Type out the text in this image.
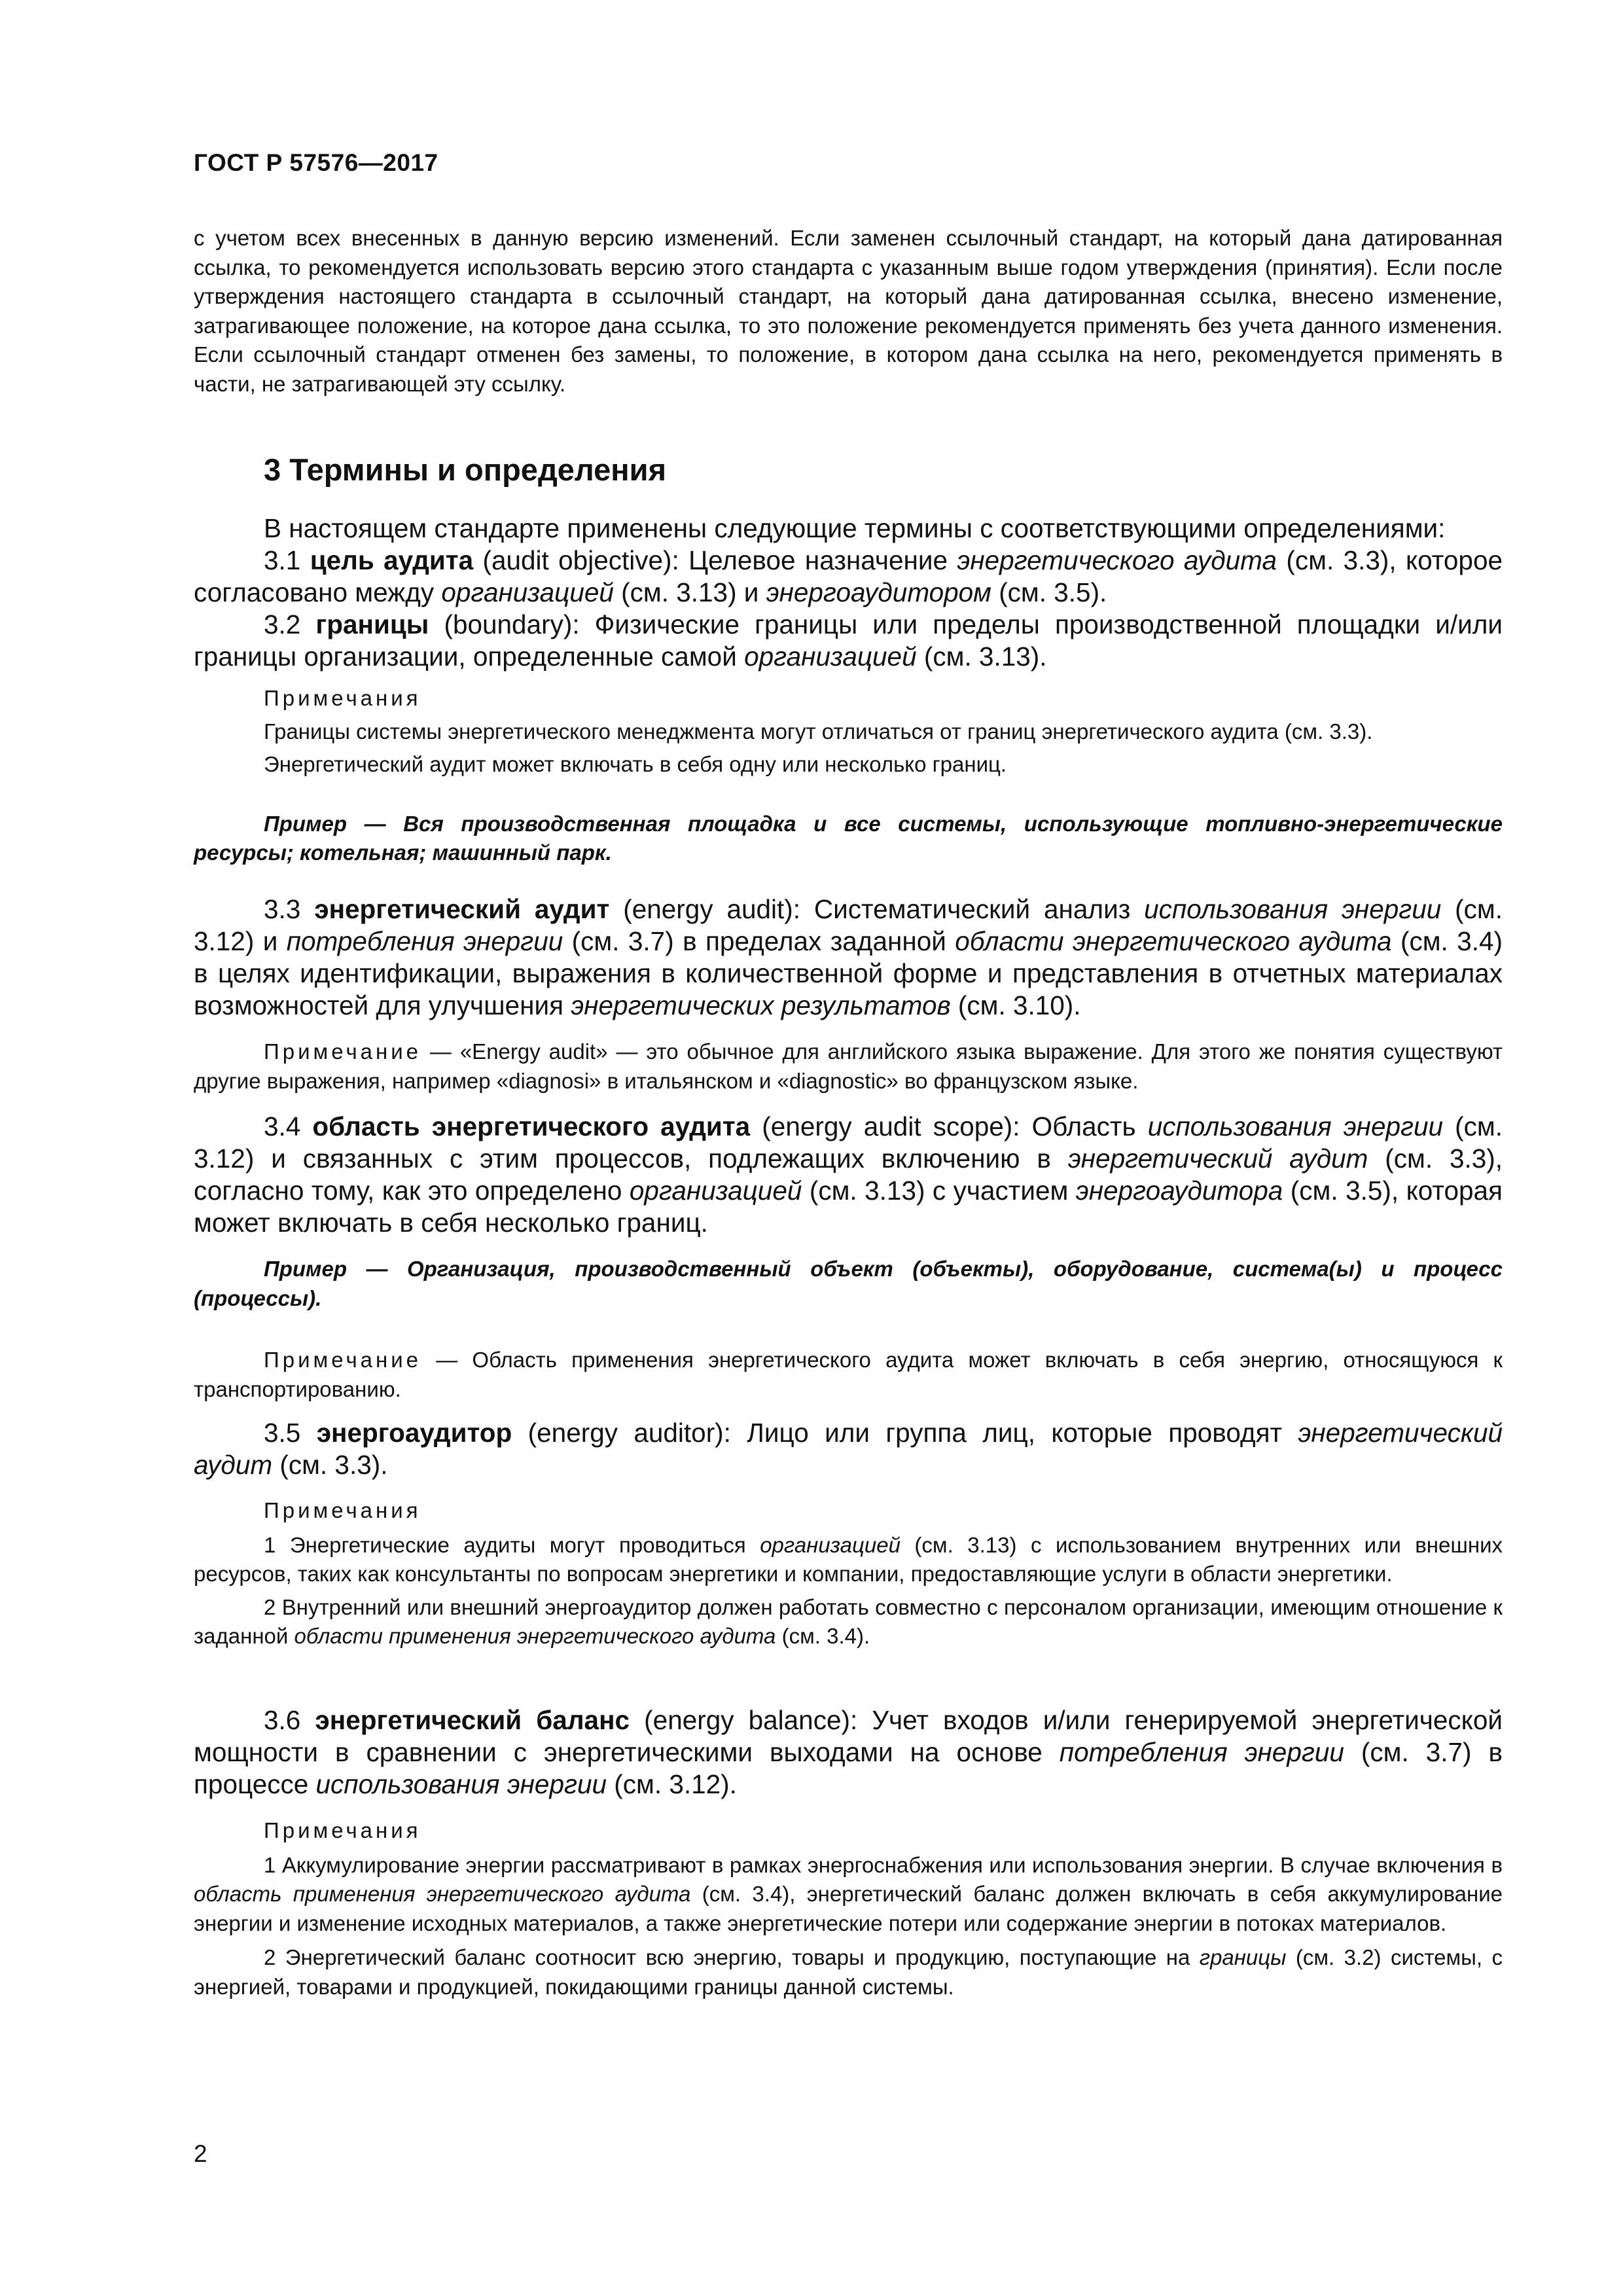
ГОСТ Р 57576—2017

с учетом всех внесенных в данную версию изменений. Если заменен ссылочный стандарт, на который дана датированная ссылка, то рекомендуется использовать версию этого стандарта с указанным выше годом утверждения (принятия). Если после утверждения настоящего стандарта в ссылочный стандарт, на который дана датированная ссылка, внесено изменение, затрагивающее положение, на которое дана ссылка, то это положение рекомендуется применять без учета данного изменения. Если ссылочный стандарт отменен без замены, то положение, в котором дана ссылка на него, рекомендуется применять в части, не затрагивающей эту ссылку.

3 Термины и определения

В настоящем стандарте применены следующие термины с соответствующими определениями:

3.1 цель аудита (audit objective): Целевое назначение энергетического аудита (см. 3.3), которое согласовано между организацией (см. 3.13) и энергоаудитором (см. 3.5).

3.2 границы (boundary): Физические границы или пределы производственной площадки и/или границы организации, определенные самой организацией (см. 3.13).

Примечания

Границы системы энергетического менеджмента могут отличаться от границ энергетического аудита (см. 3.3).

Энергетический аудит может включать в себя одну или несколько границ.

Пример — Вся производственная площадка и все системы, использующие топливно-энергетические ресурсы; котельная; машинный парк.

3.3 энергетический аудит (energy audit): Систематический анализ использования энергии (см. 3.12) и потребления энергии (см. 3.7) в пределах заданной области энергетического аудита (см. 3.4) в целях идентификации, выражения в количественной форме и представления в отчетных материалах возможностей для улучшения энергетических результатов (см. 3.10).

Примечание — «Energy audit» — это обычное для английского языка выражение. Для этого же понятия существуют другие выражения, например «diagnosi» в итальянском и «diagnostic» во французском языке.

3.4 область энергетического аудита (energy audit scope): Область использования энергии (см. 3.12) и связанных с этим процессов, подлежащих включению в энергетический аудит (см. 3.3), согласно тому, как это определено организацией (см. 3.13) с участием энергоаудитора (см. 3.5), которая может включать в себя несколько границ.

Пример — Организация, производственный объект (объекты), оборудование, система(ы) и процесс (процессы).

Примечание — Область применения энергетического аудита может включать в себя энергию, относящуюся к транспортированию.

3.5 энергоаудитор (energy auditor): Лицо или группа лиц, которые проводят энергетический аудит (см. 3.3).

Примечания

1 Энергетические аудиты могут проводиться организацией (см. 3.13) с использованием внутренних или внешних ресурсов, таких как консультанты по вопросам энергетики и компании, предоставляющие услуги в области энергетики.

2 Внутренний или внешний энергоаудитор должен работать совместно с персоналом организации, имеющим отношение к заданной области применения энергетического аудита (см. 3.4).

3.6 энергетический баланс (energy balance): Учет входов и/или генерируемой энергетической мощности в сравнении с энергетическими выходами на основе потребления энергии (см. 3.7) в процессе использования энергии (см. 3.12).

Примечания

1 Аккумулирование энергии рассматривают в рамках энергоснабжения или использования энергии. В случае включения в область применения энергетического аудита (см. 3.4), энергетический баланс должен включать в себя аккумулирование энергии и изменение исходных материалов, а также энергетические потери или содержание энергии в потоках материалов.

2 Энергетический баланс соотносит всю энергию, товары и продукцию, поступающие на границы (см. 3.2) системы, с энергией, товарами и продукцией, покидающими границы данной системы.

2
